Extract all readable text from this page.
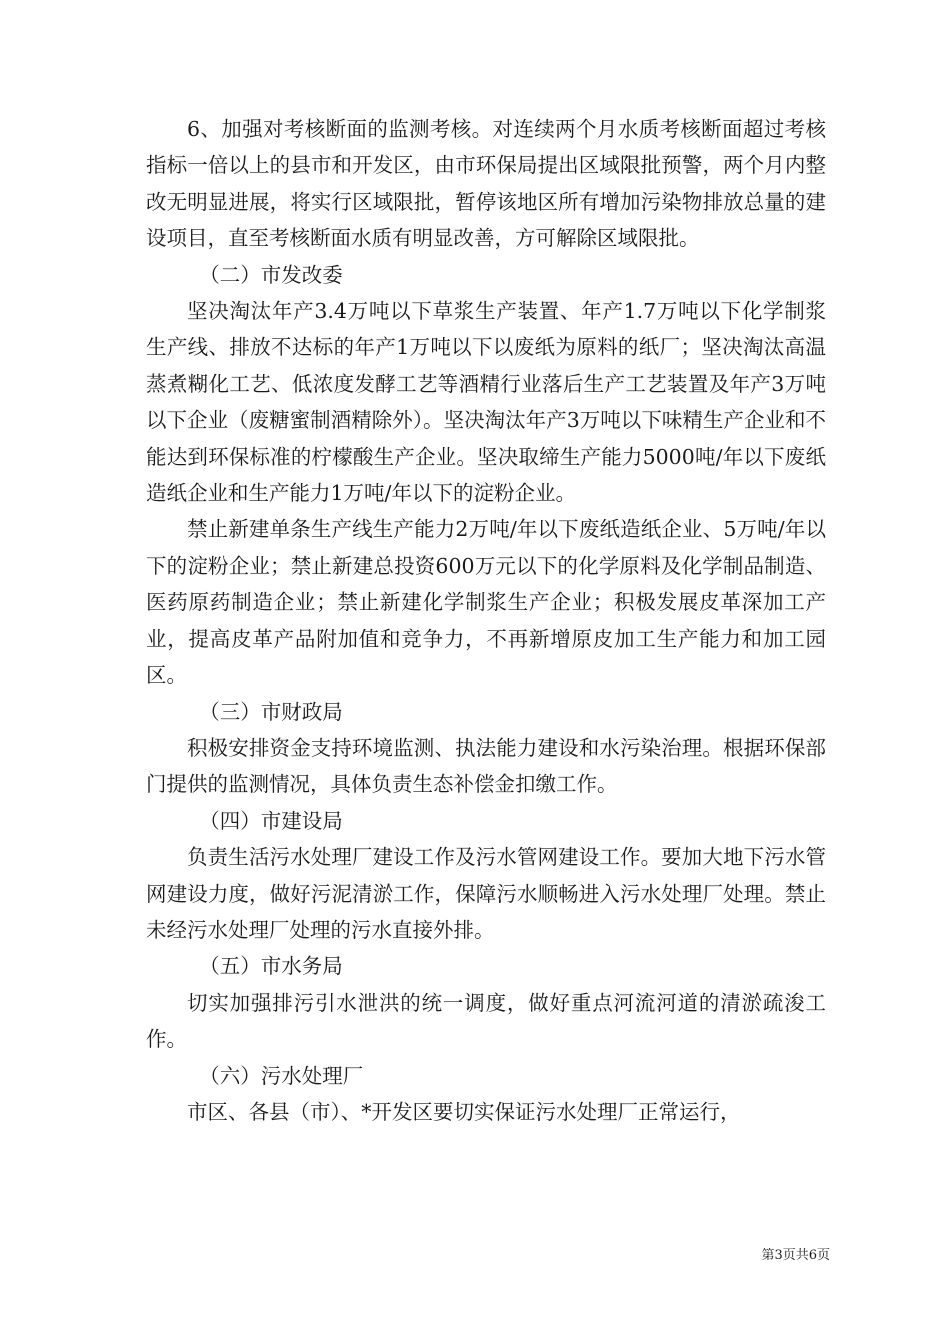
6、加强对考核断面的监测考核。对连续两个月水质考核断面超过考核指标一倍以上的县市和开发区，由市环保局提出区域限批预警，两个月内整改无明显进展，将实行区域限批，暂停该地区所有增加污染物排放总量的建设项目，直至考核断面水质有明显改善，方可解除区域限批。

（二）市发改委

坚决淘汰年产3.4万吨以下草浆生产装置、年产1.7万吨以下化学制浆生产线、排放不达标的年产1万吨以下以废纸为原料的纸厂；坚决淘汰高温蒸煮糊化工艺、低浓度发酵工艺等酒精行业落后生产工艺装置及年产3万吨以下企业（废糖蜜制酒精除外）。坚决淘汰年产3万吨以下味精生产企业和不能达到环保标准的柠檬酸生产企业。坚决取缔生产能力5000吨/年以下废纸造纸企业和生产能力1万吨/年以下的淀粉企业。

禁止新建单条生产线生产能力2万吨/年以下废纸造纸企业、5万吨/年以下的淀粉企业；禁止新建总投资600万元以下的化学原料及化学制品制造、医药原药制造企业；禁止新建化学制浆生产企业；积极发展皮革深加工产业，提高皮革产品附加值和竞争力，不再新增原皮加工生产能力和加工园区。

（三）市财政局

积极安排资金支持环境监测、执法能力建设和水污染治理。根据环保部门提供的监测情况，具体负责生态补偿金扣缴工作。

（四）市建设局

负责生活污水处理厂建设工作及污水管网建设工作。要加大地下污水管网建设力度，做好污泥清淤工作，保障污水顺畅进入污水处理厂处理。禁止未经污水处理厂处理的污水直接外排。

（五）市水务局

切实加强排污引水泄洪的统一调度，做好重点河流河道的清淤疏浚工作。

（六）污水处理厂

市区、各县（市）、*开发区要切实保证污水处理厂正常运行，

第3页共6页
